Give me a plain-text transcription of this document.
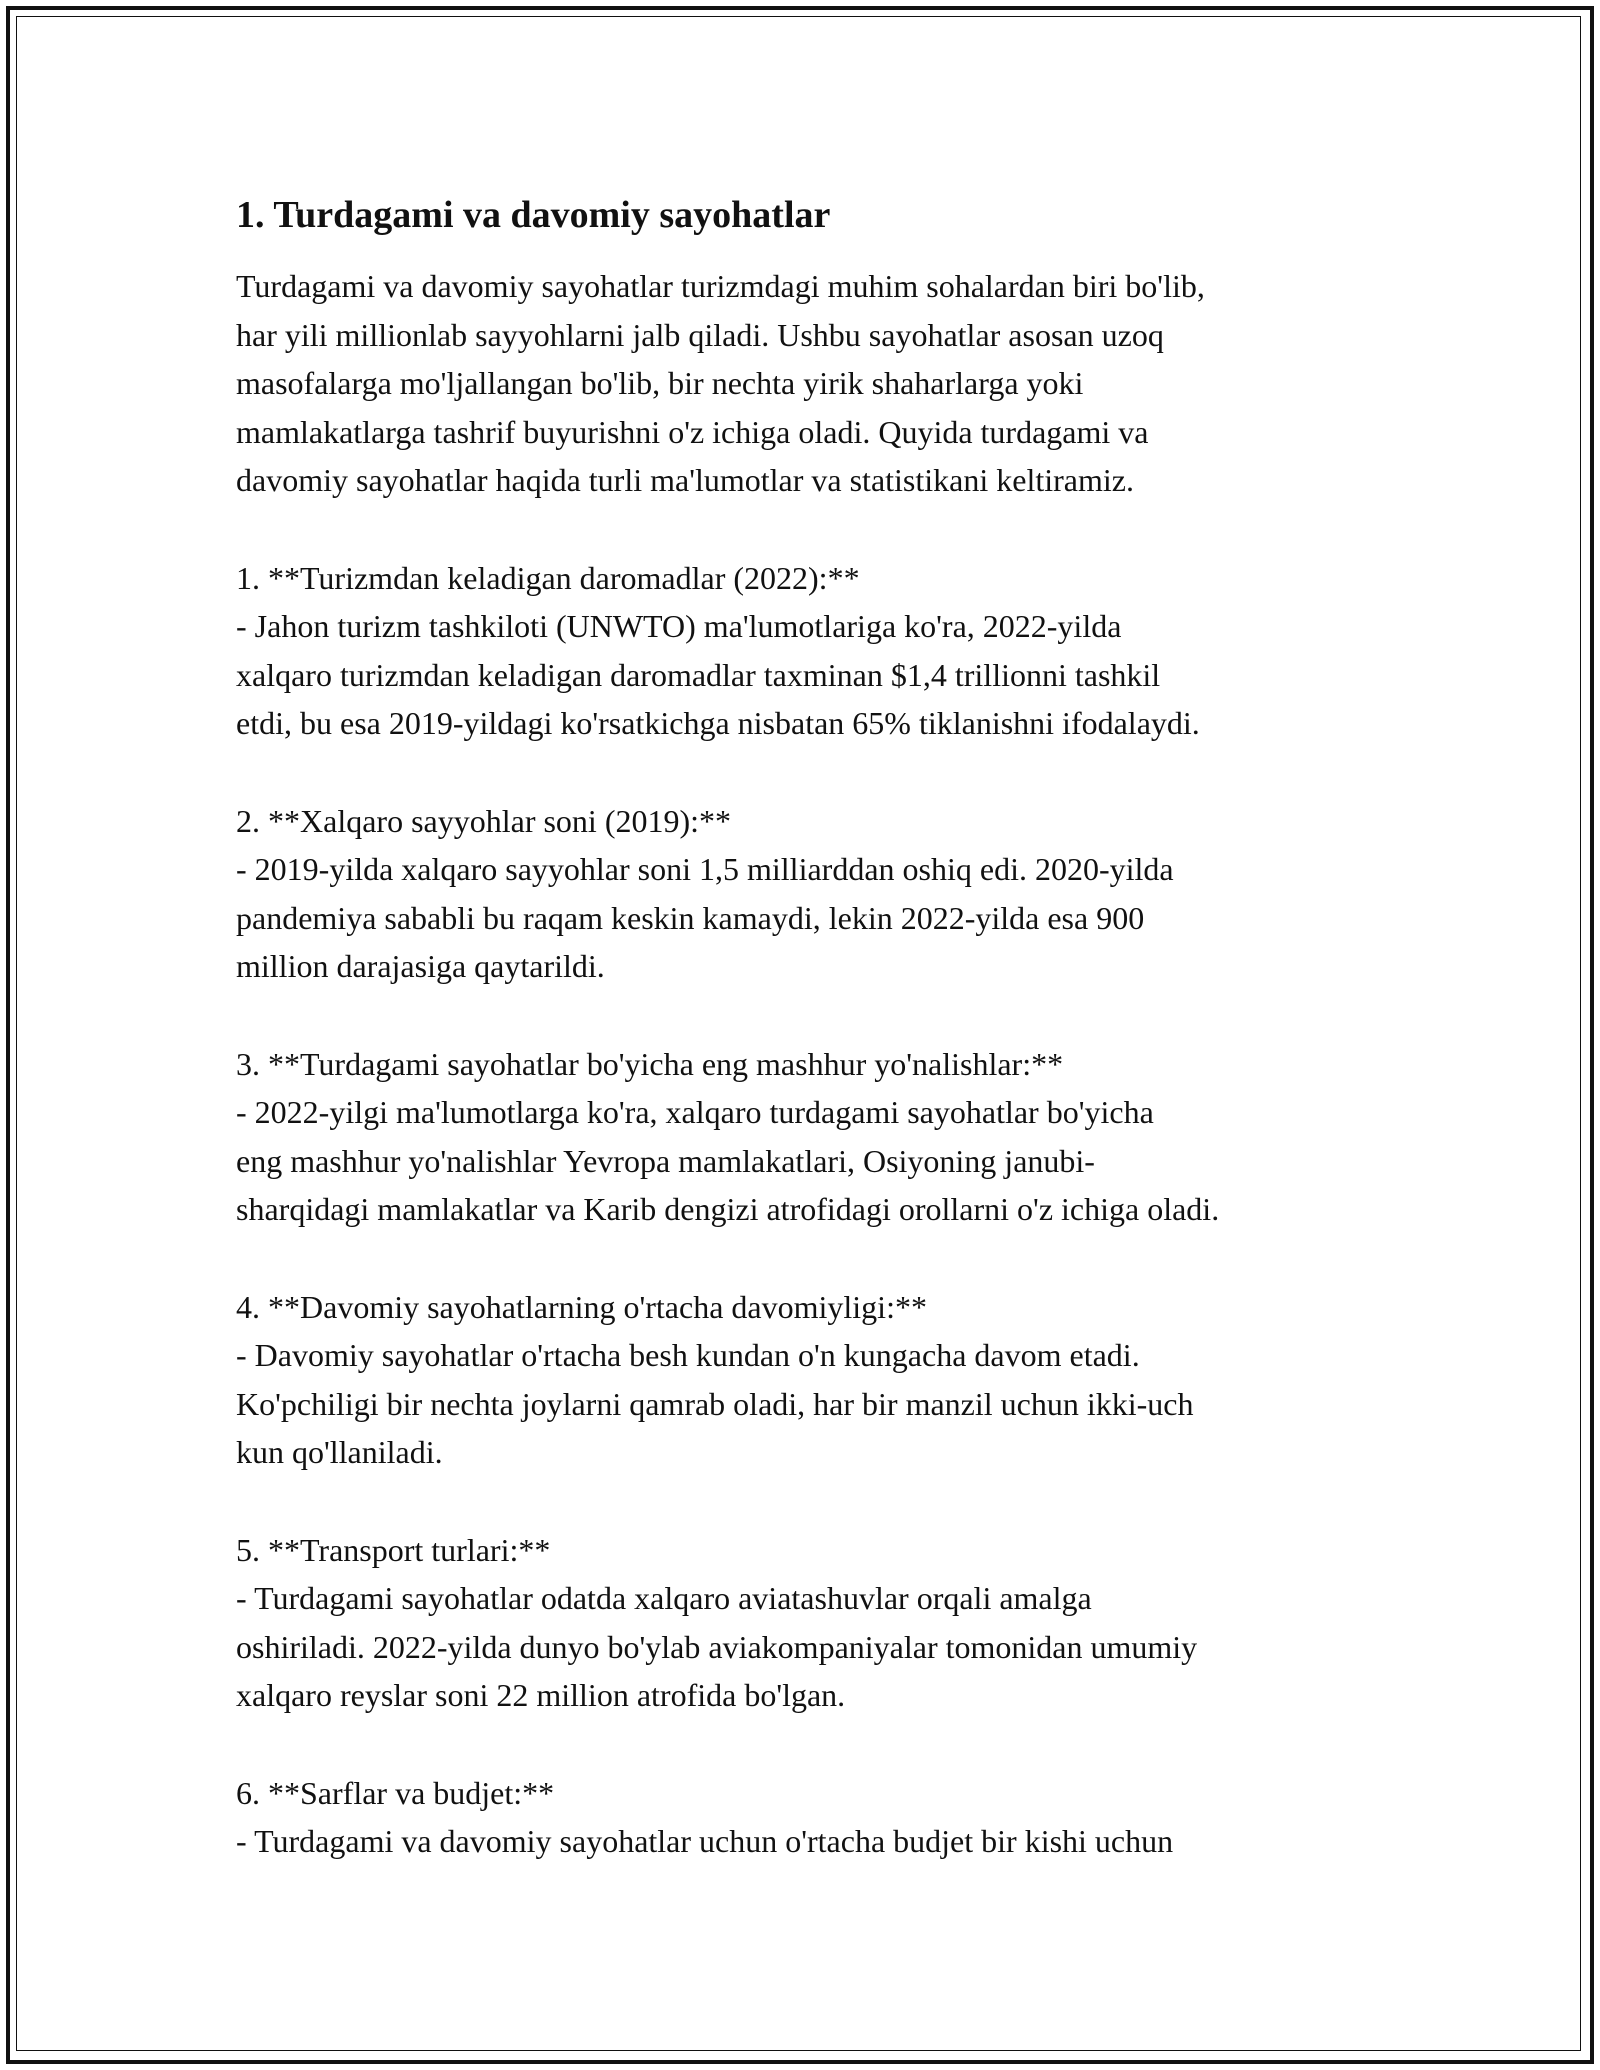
1. Turdagami va davomiy sayohatlar
Turdagami va davomiy sayohatlar turizmdagi muhim sohalardan biri bo'lib,
har yili millionlab sayyohlarni jalb qiladi. Ushbu sayohatlar asosan uzoq
masofalarga mo'ljallangan bo'lib, bir nechta yirik shaharlarga yoki
mamlakatlarga tashrif buyurishni o'z ichiga oladi. Quyida turdagami va
davomiy sayohatlar haqida turli ma'lumotlar va statistikani keltiramiz.
1. **Turizmdan keladigan daromadlar (2022):**
- Jahon turizm tashkiloti (UNWTO) ma'lumotlariga ko'ra, 2022-yilda
xalqaro turizmdan keladigan daromadlar taxminan $1,4 trillionni tashkil
etdi, bu esa 2019-yildagi ko'rsatkichga nisbatan 65% tiklanishni ifodalaydi.
2. **Xalqaro sayyohlar soni (2019):**
- 2019-yilda xalqaro sayyohlar soni 1,5 milliarddan oshiq edi. 2020-yilda
pandemiya sababli bu raqam keskin kamaydi, lekin 2022-yilda esa 900
million darajasiga qaytarildi.
3. **Turdagami sayohatlar bo'yicha eng mashhur yo'nalishlar:**
- 2022-yilgi ma'lumotlarga ko'ra, xalqaro turdagami sayohatlar bo'yicha
eng mashhur yo'nalishlar Yevropa mamlakatlari, Osiyoning janubi-
sharqidagi mamlakatlar va Karib dengizi atrofidagi orollarni o'z ichiga oladi.
4. **Davomiy sayohatlarning o'rtacha davomiyligi:**
- Davomiy sayohatlar o'rtacha besh kundan o'n kungacha davom etadi.
Ko'pchiligi bir nechta joylarni qamrab oladi, har bir manzil uchun ikki-uch
kun qo'llaniladi.
5. **Transport turlari:**
- Turdagami sayohatlar odatda xalqaro aviatashuvlar orqali amalga
oshiriladi. 2022-yilda dunyo bo'ylab aviakompaniyalar tomonidan umumiy
xalqaro reyslar soni 22 million atrofida bo'lgan.
6. **Sarflar va budjet:**
- Turdagami va davomiy sayohatlar uchun o'rtacha budjet bir kishi uchun
